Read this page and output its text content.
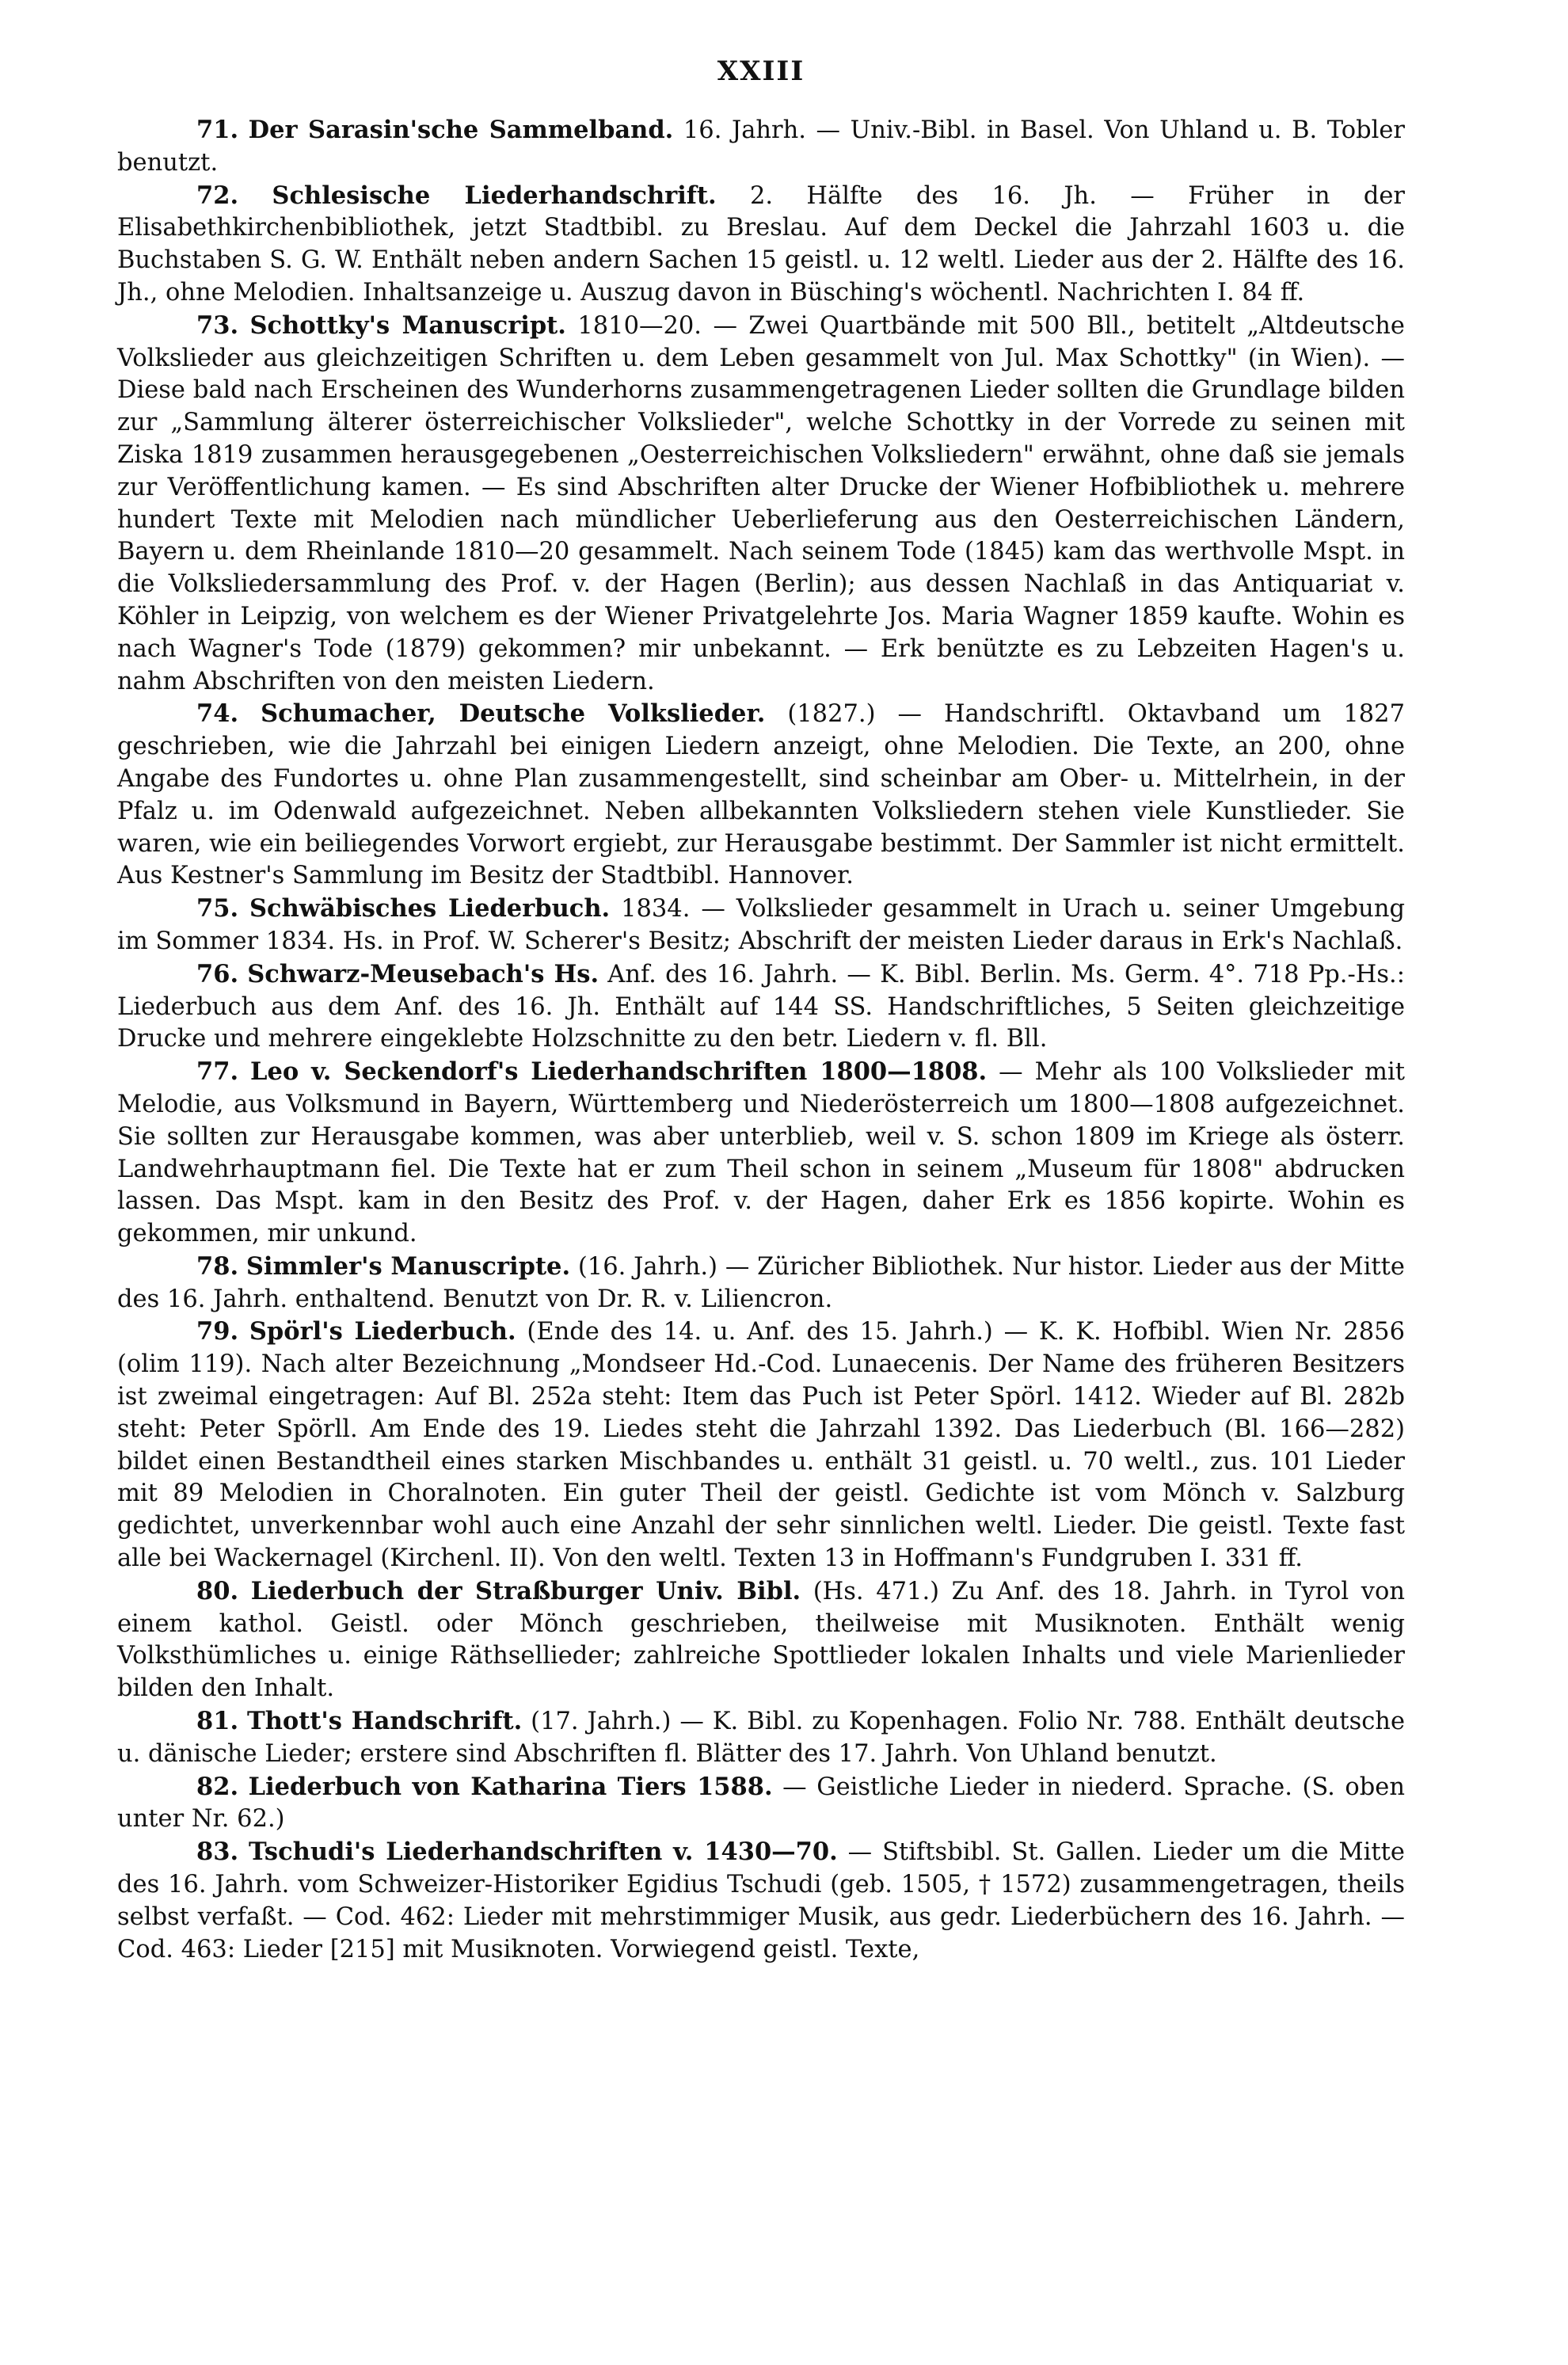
XXIII

71. Der Sarasin'sche Sammelband. 16. Jahrh. — Univ.-Bibl. in Basel. Von Uhland u. B. Tobler benutzt.

72. Schlesische Liederhandschrift. 2. Hälfte des 16. Jh. — Früher in der Elisabethkirchenbibliothek, jetzt Stadtbibl. zu Breslau. Auf dem Deckel die Jahrzahl 1603 u. die Buchstaben S. G. W. Enthält neben andern Sachen 15 geistl. u. 12 weltl. Lieder aus der 2. Hälfte des 16. Jh., ohne Melodien. Inhaltsanzeige u. Auszug davon in Büsching's wöchentl. Nachrichten I. 84 ff.

73. Schottky's Manuscript. 1810—20. — Zwei Quartbände mit 500 Bll., betitelt „Altdeutsche Volkslieder aus gleichzeitigen Schriften u. dem Leben gesammelt von Jul. Max Schottky" (in Wien). — Diese bald nach Erscheinen des Wunderhorns zusammengetragenen Lieder sollten die Grundlage bilden zur „Sammlung älterer österreichischer Volkslieder", welche Schottky in der Vorrede zu seinen mit Ziska 1819 zusammen herausgegebenen „Oesterreichischen Volksliedern" erwähnt, ohne daß sie jemals zur Veröffentlichung kamen. — Es sind Abschriften alter Drucke der Wiener Hofbibliothek u. mehrere hundert Texte mit Melodien nach mündlicher Ueberlieferung aus den Oesterreichischen Ländern, Bayern u. dem Rheinlande 1810—20 gesammelt. Nach seinem Tode (1845) kam das werthvolle Mspt. in die Volksliedersammlung des Prof. v. der Hagen (Berlin); aus dessen Nachlaß in das Antiquariat v. Köhler in Leipzig, von welchem es der Wiener Privatgelehrte Jos. Maria Wagner 1859 kaufte. Wohin es nach Wagner's Tode (1879) gekommen? mir unbekannt. — Erk benützte es zu Lebzeiten Hagen's u. nahm Abschriften von den meisten Liedern.

74. Schumacher, Deutsche Volkslieder. (1827.) — Handschriftl. Oktavband um 1827 geschrieben, wie die Jahrzahl bei einigen Liedern anzeigt, ohne Melodien. Die Texte, an 200, ohne Angabe des Fundortes u. ohne Plan zusammengestellt, sind scheinbar am Ober- u. Mittelrhein, in der Pfalz u. im Odenwald aufgezeichnet. Neben allbekannten Volksliedern stehen viele Kunstlieder. Sie waren, wie ein beiliegendes Vorwort ergiebt, zur Herausgabe bestimmt. Der Sammler ist nicht ermittelt. Aus Kestner's Sammlung im Besitz der Stadtbibl. Hannover.

75. Schwäbisches Liederbuch. 1834. — Volkslieder gesammelt in Urach u. seiner Umgebung im Sommer 1834. Hs. in Prof. W. Scherer's Besitz; Abschrift der meisten Lieder daraus in Erk's Nachlaß.

76. Schwarz-Meusebach's Hs. Anf. des 16. Jahrh. — K. Bibl. Berlin. Ms. Germ. 4°. 718 Pp.-Hs.: Liederbuch aus dem Anf. des 16. Jh. Enthält auf 144 SS. Handschriftliches, 5 Seiten gleichzeitige Drucke und mehrere eingeklebte Holzschnitte zu den betr. Liedern v. fl. Bll.

77. Leo v. Seckendorf's Liederhandschriften 1800—1808. — Mehr als 100 Volkslieder mit Melodie, aus Volksmund in Bayern, Württemberg und Niederösterreich um 1800—1808 aufgezeichnet. Sie sollten zur Herausgabe kommen, was aber unterblieb, weil v. S. schon 1809 im Kriege als österr. Landwehrhauptmann fiel. Die Texte hat er zum Theil schon in seinem „Museum für 1808" abdrucken lassen. Das Mspt. kam in den Besitz des Prof. v. der Hagen, daher Erk es 1856 kopirte. Wohin es gekommen, mir unkund.

78. Simmler's Manuscripte. (16. Jahrh.) — Züricher Bibliothek. Nur histor. Lieder aus der Mitte des 16. Jahrh. enthaltend. Benutzt von Dr. R. v. Liliencron.

79. Spörl's Liederbuch. (Ende des 14. u. Anf. des 15. Jahrh.) — K. K. Hofbibl. Wien Nr. 2856 (olim 119). Nach alter Bezeichnung „Mondseer Hd.-Cod. Lunaecenis. Der Name des früheren Besitzers ist zweimal eingetragen: Auf Bl. 252a steht: Item das Puch ist Peter Spörl. 1412. Wieder auf Bl. 282b steht: Peter Spörll. Am Ende des 19. Liedes steht die Jahrzahl 1392. Das Liederbuch (Bl. 166—282) bildet einen Bestandtheil eines starken Mischbandes u. enthält 31 geistl. u. 70 weltl., zus. 101 Lieder mit 89 Melodien in Choralnoten. Ein guter Theil der geistl. Gedichte ist vom Mönch v. Salzburg gedichtet, unverkennbar wohl auch eine Anzahl der sehr sinnlichen weltl. Lieder. Die geistl. Texte fast alle bei Wackernagel (Kirchenl. II). Von den weltl. Texten 13 in Hoffmann's Fundgruben I. 331 ff.

80. Liederbuch der Straßburger Univ. Bibl. (Hs. 471.) Zu Anf. des 18. Jahrh. in Tyrol von einem kathol. Geistl. oder Mönch geschrieben, theilweise mit Musiknoten. Enthält wenig Volksthümliches u. einige Räthsellieder; zahlreiche Spottlieder lokalen Inhalts und viele Marienlieder bilden den Inhalt.

81. Thott's Handschrift. (17. Jahrh.) — K. Bibl. zu Kopenhagen. Folio Nr. 788. Enthält deutsche u. dänische Lieder; erstere sind Abschriften fl. Blätter des 17. Jahrh. Von Uhland benutzt.

82. Liederbuch von Katharina Tiers 1588. — Geistliche Lieder in niederd. Sprache. (S. oben unter Nr. 62.)

83. Tschudi's Liederhandschriften v. 1430—70. — Stiftsbibl. St. Gallen. Lieder um die Mitte des 16. Jahrh. vom Schweizer-Historiker Egidius Tschudi (geb. 1505, † 1572) zusammengetragen, theils selbst verfaßt. — Cod. 462: Lieder mit mehrstimmiger Musik, aus gedr. Liederbüchern des 16. Jahrh. — Cod. 463: Lieder [215] mit Musiknoten. Vorwiegend geistl. Texte,
